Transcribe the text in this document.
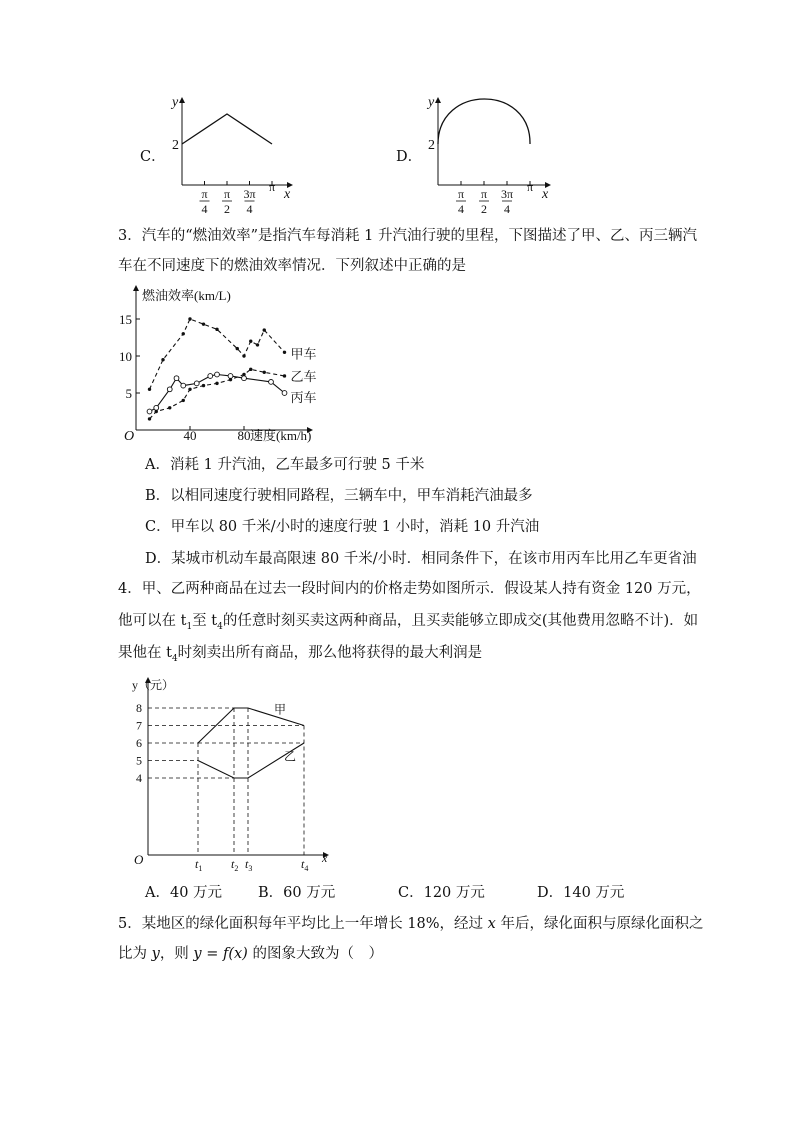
C．
y
x
2
π
4
π
2
3π
4
π
D．
y
x
2
π
4
π
2
3π
4
π
3．汽车的“燃油效率”是指汽车每消耗 1 升汽油行驶的里程，下图描述了甲、乙、丙三辆汽
车在不同速度下的燃油效率情况．下列叙述中正确的是
燃油效率(km/L)
速度(km/h)
O
5
10
15
40	80
甲车
乙车
丙车
A．消耗 1 升汽油，乙车最多可行驶 5 千米
B．以相同速度行驶相同路程，三辆车中，甲车消耗汽油最多
C．甲车以 80 千米/小时的速度行驶 1 小时，消耗 10 升汽油
D．某城市机动车最高限速 80 千米/小时．相同条件下，在该市用丙车比用乙车更省油
4．甲、乙两种商品在过去一段时间内的价格走势如图所示．假设某人持有资金 120 万元，
他可以在 $t_1$至 $t_4$的任意时刻买卖这两种商品，且买卖能够立即成交(其他费用忽略不计)．如
果他在 $t_4$时刻卖出所有商品，那么他将获得的最大利润是
y（元）
x
O
8
7
6
5
4
$t_1$ $t_2$ $t_3$	$t_4$
甲
乙
A．40 万元 B．60 万元	C．120 万元	D．140 万元
5．某地区的绿化面积每年平均比上一年增长 18%，经过 x 年后，绿化面积与原绿化面积之
比为 y，则 y = f(x) 的图象大致为（　）
